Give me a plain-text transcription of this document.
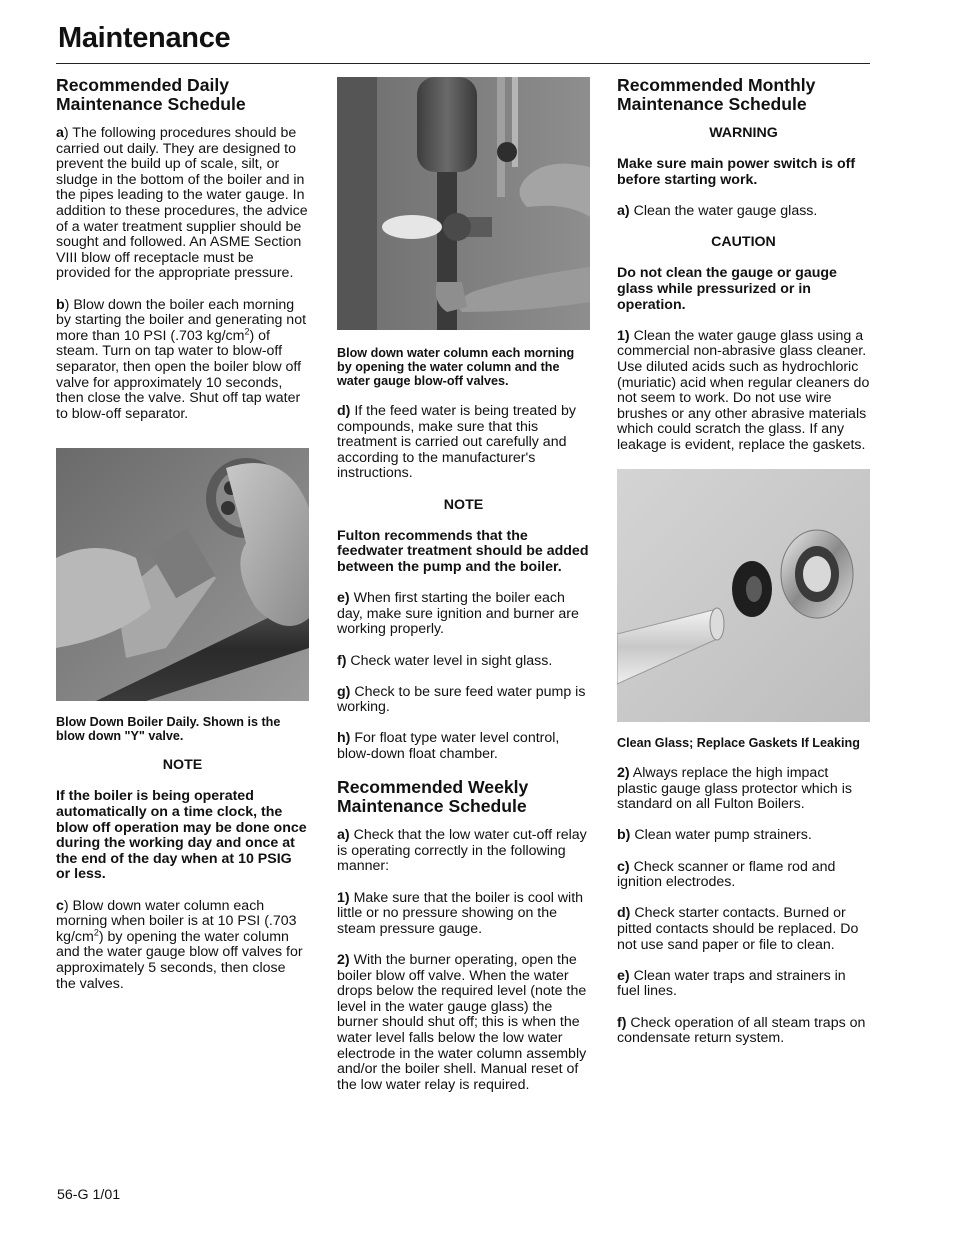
Maintenance
Recommended Daily
Maintenance Schedule

a) The following procedures should be carried out daily. They are designed to prevent the build up of scale, silt, or sludge in the bottom of the boiler and in the pipes leading to the water gauge. In addition to these procedures, the advice of a water treatment supplier should be sought and followed. An ASME Section VIII blow off receptacle must be provided for the appropriate pressure.

b) Blow down the boiler each morning by starting the boiler and generating not more than 10 PSI (.703 $kg/cm^2$) of steam. Turn on tap water to blow-off separator, then open the boiler blow off valve for approximately 10 seconds, then close the valve. Shut off tap water to blow-off separator.

Blow Down Boiler Daily. Shown is the blow down "Y" valve.

NOTE

If the boiler is being operated automatically on a time clock, the blow off operation may be done once during the working day and once at the end of the day when at 10 PSIG or less.

c) Blow down water column each morning when boiler is at 10 PSI (.703 $kg/cm^2$) by opening the water column and the water gauge blow off valves for approximately 5 seconds, then close the valves.

Blow down water column each morning by opening the water column and the water gauge blow-off valves.

d) If the feed water is being treated by compounds, make sure that this treatment is carried out carefully and according to the manufacturer's instructions.

NOTE

Fulton recommends that the feedwater treatment should be added between the pump and the boiler.

e) When first starting the boiler each day, make sure ignition and burner are working properly.

f) Check water level in sight glass.

g) Check to be sure feed water pump is working.

h) For float type water level control, blow-down float chamber.

Recommended Weekly
Maintenance Schedule

a) Check that the low water cut-off relay is operating correctly in the following manner:

1) Make sure that the boiler is cool with little or no pressure showing on the steam pressure gauge.

2) With the burner operating, open the boiler blow off valve. When the water drops below the required level (note the level in the water gauge glass) the burner should shut off; this is when the water level falls below the low water electrode in the water column assembly and/or the boiler shell. Manual reset of the low water relay is required.

Recommended Monthly
Maintenance Schedule

WARNING

Make sure main power switch is off before starting work.

a) Clean the water gauge glass.

CAUTION

Do not clean the gauge or gauge glass while pressurized or in operation.

1) Clean the water gauge glass using a commercial non-abrasive glass cleaner. Use diluted acids such as hydrochloric (muriatic) acid when regular cleaners do not seem to work. Do not use wire brushes or any other abrasive materials which could scratch the glass. If any leakage is evident, replace the gaskets.

Clean Glass; Replace Gaskets If Leaking

2) Always replace the high impact plastic gauge glass protector which is standard on all Fulton Boilers.

b) Clean water pump strainers.

c) Check scanner or flame rod and ignition electrodes.

d) Check starter contacts. Burned or pitted contacts should be replaced. Do not use sand paper or file to clean.

e) Clean water traps and strainers in fuel lines.

f) Check operation of all steam traps on condensate return system.

56-G 1/01
